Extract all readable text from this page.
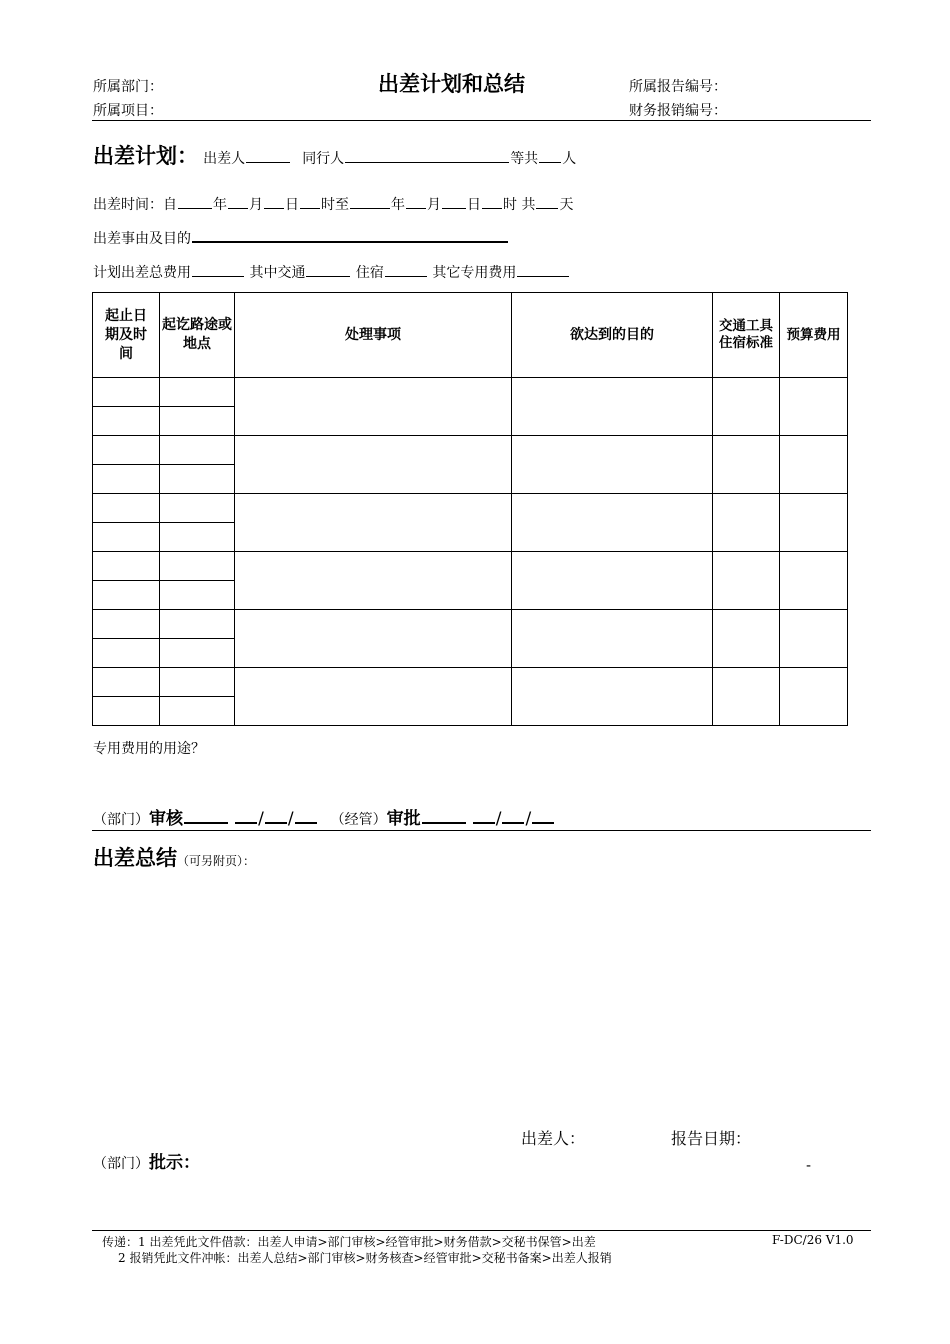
所属部门：
所属项目：
出差计划和总结	所属报告编号：
财务报销编号：
出差计划： 出差人	同行人	等共 人
出差时间：自	年 月 日 时至	年 月 日 时 共 天
出差事由及目的
计划出差总费用	其中交通	住宿	其它专用费用
起止日期及时间	起讫路途或地点	处理事项	欲达到的目的	交通工具住宿标准	预算费用

专用费用的用途？
（部门）审核	/ /	（经管）审批	/ /
出差总结（可另附页）：
出差人：	报告日期：
（部门）批示：	-
传递：1 出差凭此文件借款：出差人申请>部门审核>经管审批>财务借款>交秘书保管>出差
2 报销凭此文件冲帐：出差人总结>部门审核>财务核查>经管审批>交秘书备案>出差人报销
F-DC/26 V1.0
